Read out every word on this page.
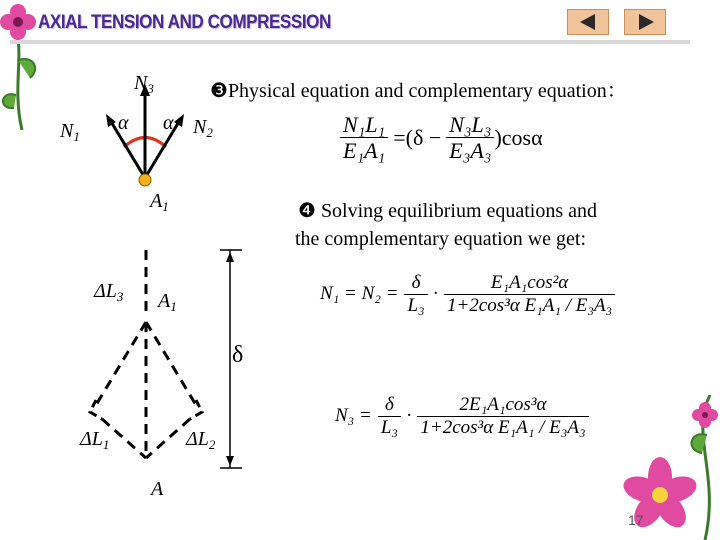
AXIAL TENSION AND COMPRESSION
$N_3$
$N_1$	$N_2$
α α
$A_1$
$\Delta L_3$ $A_1$
δ
$\Delta L_1$	$\Delta L_2$
A
❸Physical equation and complementary equation：
$\frac{\text{N₁L₁}}{\text{E₁A₁}} =(\delta - \frac{\text{N₃L₃}}{\text{E₃A₃}} )\cos\alpha$
❹ Solving equilibrium equations and
the complementary equation we get:
$N_1 = N_2 = \frac{\delta}{\text{L₃}} \cdot \frac{\text{E₁A₁cos²α}}{\text{1+2cos³α E₁A₁ / E₃A₃}}$
$N_3 = \frac{\delta}{\text{L₃}} \cdot \frac{\text{2E₁A₁cos³α}}{\text{1+2cos³α E₁A₁ / E₃A₃}}$
17
